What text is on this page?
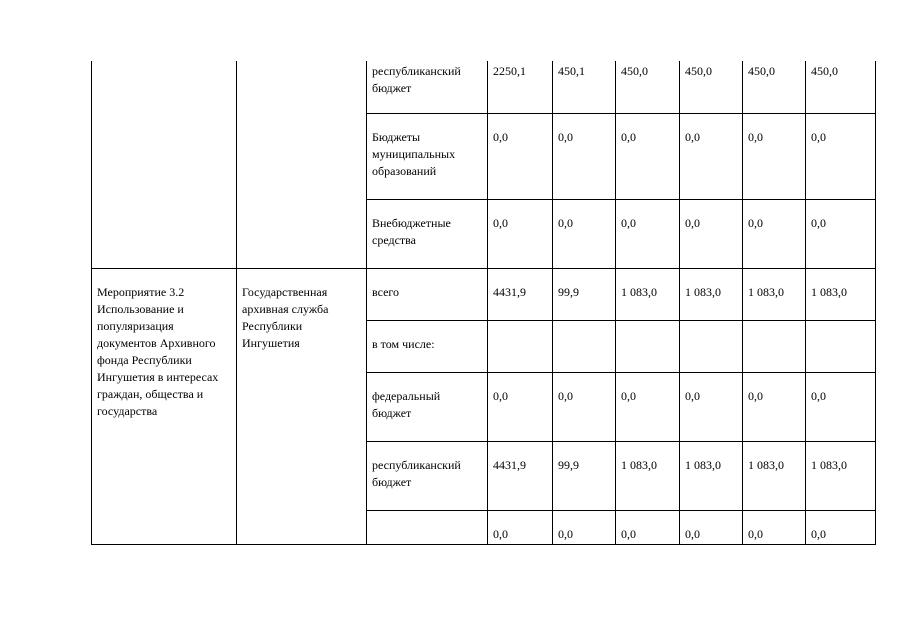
		республиканский бюджет	2250,1	450,1	450,0	450,0	450,0	450,0
		Бюджеты муниципальных образований	0,0	0,0	0,0	0,0	0,0	0,0
		Внебюджетные средства	0,0	0,0	0,0	0,0	0,0	0,0
Мероприятие 3.2 Использование и популяризация документов Архивного фонда Республики Ингушетия в интересах граждан, общества и государства	Государственная архивная служба Республики Ингушетия	всего	4431,9	99,9	1 083,0	1 083,0	1 083,0	1 083,0
		в том числе:						
		федеральный бюджет	0,0	0,0	0,0	0,0	0,0	0,0
		республиканский бюджет	4431,9	99,9	1 083,0	1 083,0	1 083,0	1 083,0
			0,0	0,0	0,0	0,0	0,0	0,0
